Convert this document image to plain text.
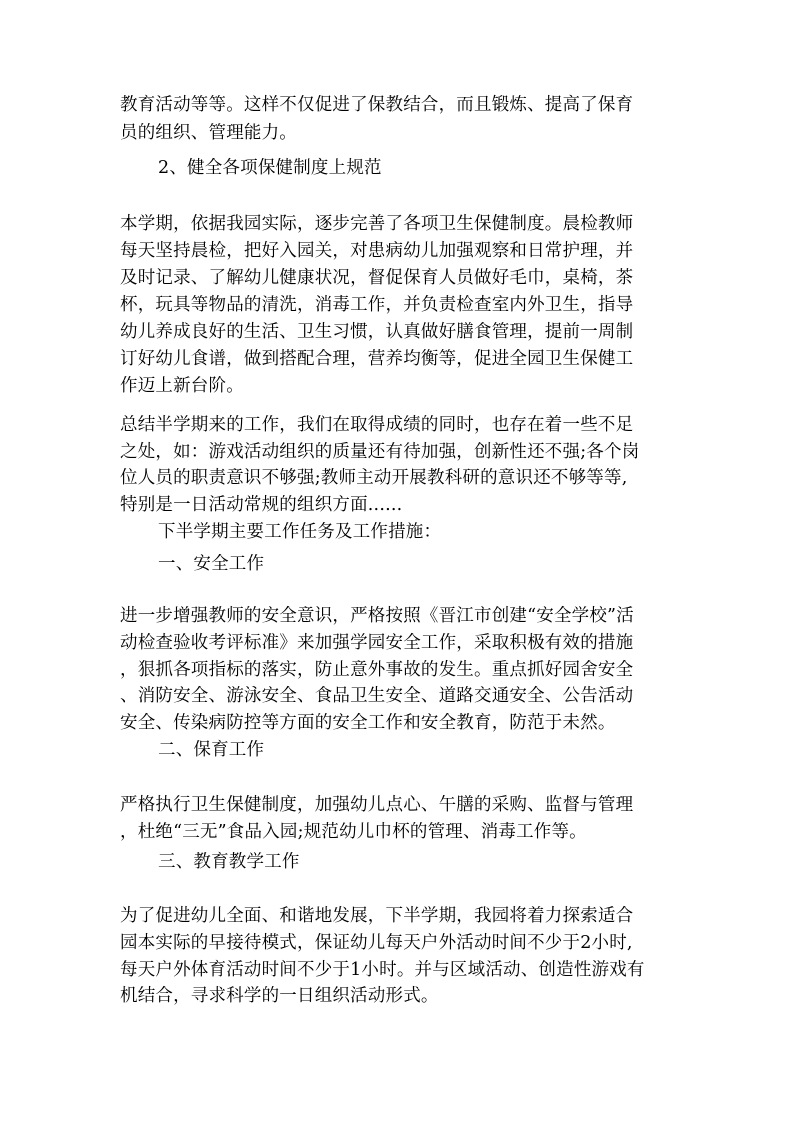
教育活动等等。这样不仅促进了保教结合，而且锻炼、提高了保育
员的组织、管理能力。
2、健全各项保健制度上规范
本学期，依据我园实际，逐步完善了各项卫生保健制度。晨检教师
每天坚持晨检，把好入园关，对患病幼儿加强观察和日常护理，并
及时记录、了解幼儿健康状况，督促保育人员做好毛巾，桌椅，茶
杯，玩具等物品的清洗，消毒工作，并负责检查室内外卫生，指导
幼儿养成良好的生活、卫生习惯，认真做好膳食管理，提前一周制
订好幼儿食谱，做到搭配合理，营养均衡等，促进全园卫生保健工
作迈上新台阶。
总结半学期来的工作，我们在取得成绩的同时，也存在着一些不足
之处，如：游戏活动组织的质量还有待加强，创新性还不强;各个岗
位人员的职责意识不够强;教师主动开展教科研的意识还不够等等,
特别是一日活动常规的组织方面......
下半学期主要工作任务及工作措施：
一、安全工作
进一步增强教师的安全意识，严格按照《晋江市创建“安全学校”活
动检查验收考评标准》来加强学园安全工作，采取积极有效的措施
，狠抓各项指标的落实，防止意外事故的发生。重点抓好园舍安全
、消防安全、游泳安全、食品卫生安全、道路交通安全、公告活动
安全、传染病防控等方面的安全工作和安全教育，防范于未然。
二、保育工作
严格执行卫生保健制度，加强幼儿点心、午膳的采购、监督与管理
，杜绝“三无”食品入园;规范幼儿巾杯的管理、消毒工作等。
三、教育教学工作
为了促进幼儿全面、和谐地发展，下半学期，我园将着力探索适合
园本实际的早接待模式，保证幼儿每天户外活动时间不少于2小时,
每天户外体育活动时间不少于1小时。并与区域活动、创造性游戏有
机结合，寻求科学的一日组织活动形式。
